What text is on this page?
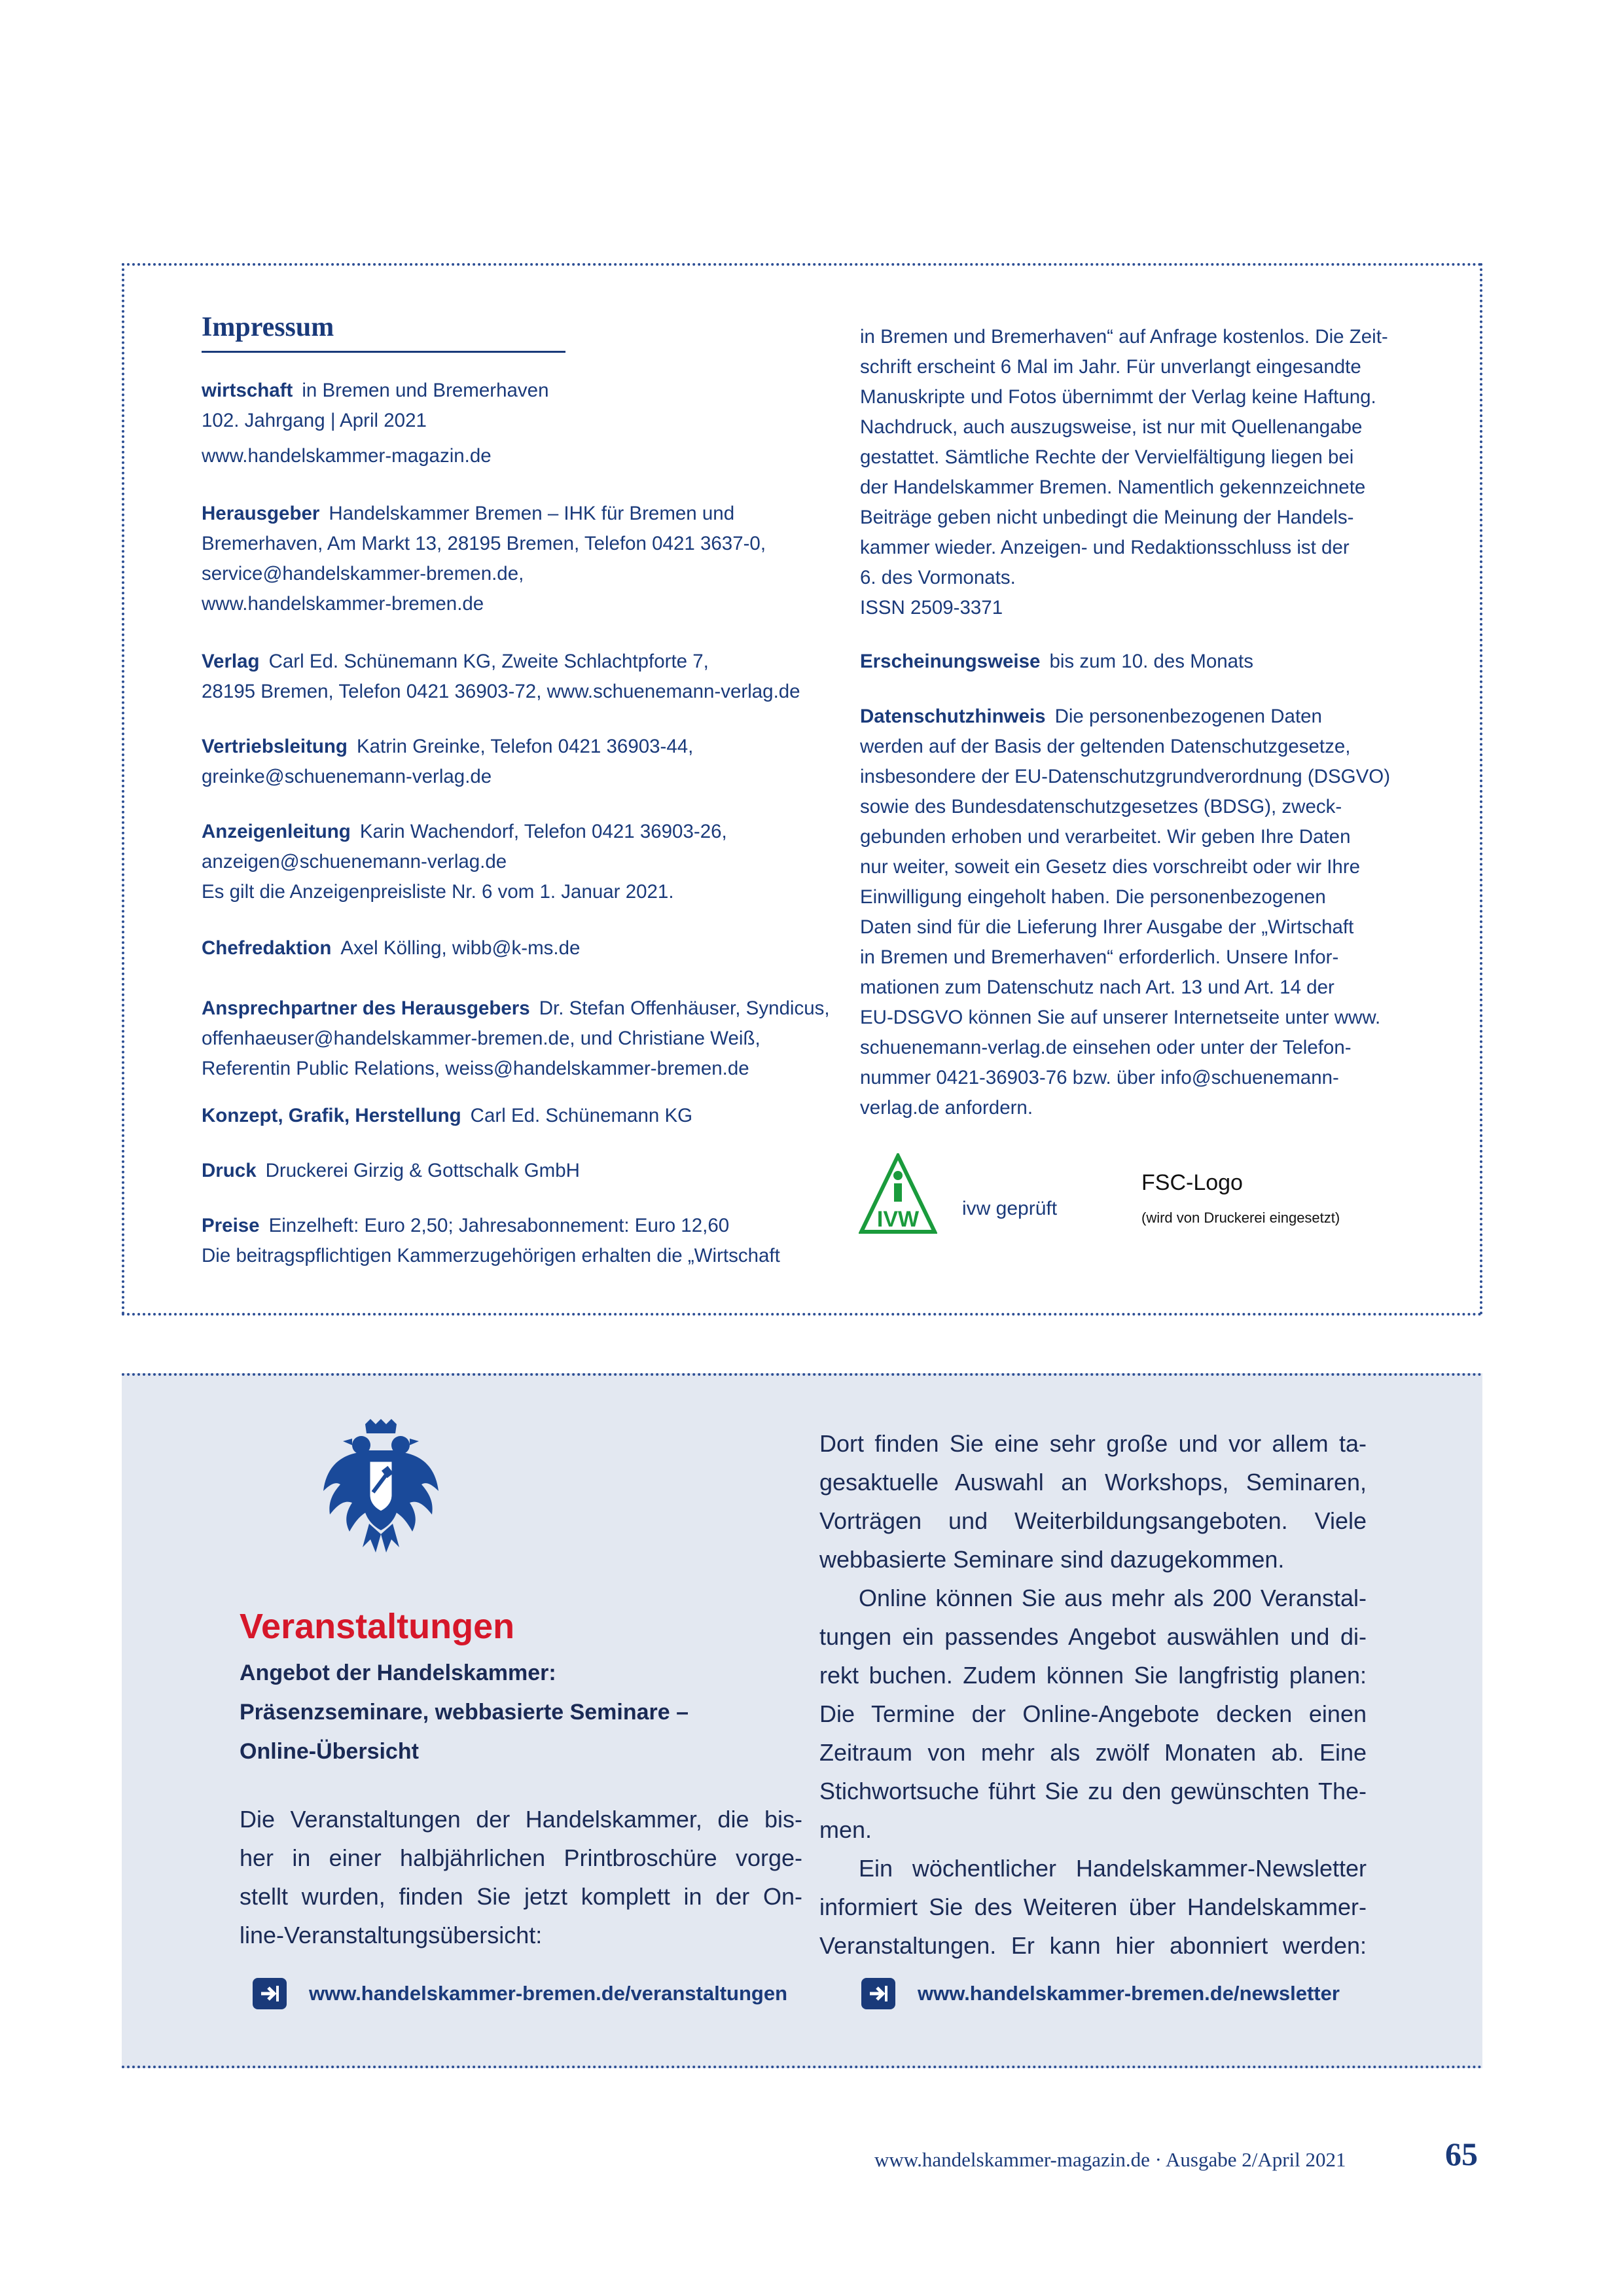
Impressum
wirtschaft in Bremen und Bremerhaven
102. Jahrgang | April 2021
www.handelskammer-magazin.de
Herausgeber Handelskammer Bremen – IHK für Bremen und
Bremerhaven, Am Markt 13, 28195 Bremen, Telefon 0421 3637-0,
service@handelskammer-bremen.de,
www.handelskammer-bremen.de
Verlag Carl Ed. Schünemann KG, Zweite Schlachtpforte 7,
28195 Bremen, Telefon 0421 36903-72, www.schuenemann-verlag.de
Vertriebsleitung Katrin Greinke, Telefon 0421 36903-44,
greinke@schuenemann-verlag.de
Anzeigenleitung Karin Wachendorf, Telefon 0421 36903-26,
anzeigen@schuenemann-verlag.de
Es gilt die Anzeigenpreisliste Nr. 6 vom 1. Januar 2021.
Chefredaktion Axel Kölling, wibb@k-ms.de
Ansprechpartner des Herausgebers Dr. Stefan Offenhäuser, Syndicus,
offenhaeuser@handelskammer-bremen.de, und Christiane Weiß,
Referentin Public Relations, weiss@handelskammer-bremen.de
Konzept, Grafik, Herstellung Carl Ed. Schünemann KG
Druck Druckerei Girzig & Gottschalk GmbH
Preise Einzelheft: Euro 2,50; Jahresabonnement: Euro 12,60
Die beitragspflichtigen Kammerzugehörigen erhalten die „Wirtschaft
in Bremen und Bremerhaven“ auf Anfrage kostenlos. Die Zeit-
schrift erscheint 6 Mal im Jahr. Für unverlangt eingesandte
Manuskripte und Fotos übernimmt der Verlag keine Haftung.
Nachdruck, auch auszugsweise, ist nur mit Quellenangabe
gestattet. Sämtliche Rechte der Vervielfältigung liegen bei
der Handelskammer Bremen. Namentlich gekennzeichnete
Beiträge geben nicht unbedingt die Meinung der Handels-
kammer wieder. Anzeigen- und Redaktionsschluss ist der
6. des Vormonats.
ISSN 2509-3371
Erscheinungsweise bis zum 10. des Monats
Datenschutzhinweis Die personenbezogenen Daten
werden auf der Basis der geltenden Datenschutzgesetze,
insbesondere der EU-Datenschutzgrundverordnung (DSGVO)
sowie des Bundesdatenschutzgesetzes (BDSG), zweck-
gebunden erhoben und verarbeitet. Wir geben Ihre Daten
nur weiter, soweit ein Gesetz dies vorschreibt oder wir Ihre
Einwilligung eingeholt haben. Die personenbezogenen
Daten sind für die Lieferung Ihrer Ausgabe der „Wirtschaft
in Bremen und Bremerhaven“ erforderlich. Unsere Infor-
mationen zum Datenschutz nach Art. 13 und Art. 14 der
EU-DSGVO können Sie auf unserer Internetseite unter www.
schuenemann-verlag.de einsehen oder unter der Telefon-
nummer 0421-36903-76 bzw. über info@schuenemann-
verlag.de anfordern.
IVW ivw geprüft
FSC-Logo
(wird von Druckerei eingesetzt)
Veranstaltungen
Angebot der Handelskammer:
Präsenzseminare, webbasierte Seminare –
Online-Übersicht
Die Veranstaltungen der Handelskammer, die bis-
her in einer halbjährlichen Printbroschüre vorge-
stellt wurden, finden Sie jetzt komplett in der On-
line-Veranstaltungsübersicht:
www.handelskammer-bremen.de/veranstaltungen
Dort finden Sie eine sehr große und vor allem ta-
gesaktuelle Auswahl an Workshops, Seminaren,
Vorträgen und Weiterbildungsangeboten. Viele
webbasierte Seminare sind dazugekommen.
Online können Sie aus mehr als 200 Veranstal-
tungen ein passendes Angebot auswählen und di-
rekt buchen. Zudem können Sie langfristig planen:
Die Termine der Online-Angebote decken einen
Zeitraum von mehr als zwölf Monaten ab. Eine
Stichwortsuche führt Sie zu den gewünschten The-
men.
Ein wöchentlicher Handelskammer-Newsletter
informiert Sie des Weiteren über Handelskammer-
Veranstaltungen. Er kann hier abonniert werden:
www.handelskammer-bremen.de/newsletter
www.handelskammer-magazin.de · Ausgabe 2/April 2021	65
